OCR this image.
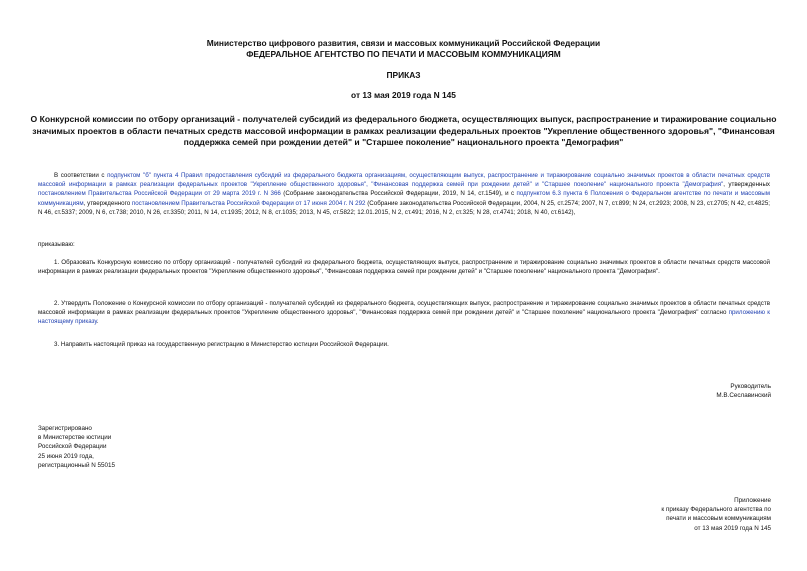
Министерство цифрового развития, связи и массовых коммуникаций Российской Федерации
ФЕДЕРАЛЬНОЕ АГЕНТСТВО ПО ПЕЧАТИ И МАССОВЫМ КОММУНИКАЦИЯМ
ПРИКАЗ
от 13 мая 2019 года N 145
О Конкурсной комиссии по отбору организаций - получателей субсидий из федерального бюджета, осуществляющих выпуск, распространение и тиражирование социально значимых проектов в области печатных средств массовой информации в рамках реализации федеральных проектов "Укрепление общественного здоровья", "Финансовая поддержка семей при рождении детей" и "Старшее поколение" национального проекта "Демография"
В соответствии с подпунктом "б" пункта 4 Правил предоставления субсидий из федерального бюджета организациям, осуществляющим выпуск, распространение и тиражирование социально значимых проектов в области печатных средств массовой информации в рамках реализации федеральных проектов "Укрепление общественного здоровья", "Финансовая поддержка семей при рождении детей" и "Старшее поколение" национального проекта "Демография", утвержденных постановлением Правительства Российской Федерации от 29 марта 2019 г. N 366 (Собрание законодательства Российской Федерации, 2019, N 14, ст.1549), и с подпунктом 6.3 пункта 6 Положения о Федеральном агентстве по печати и массовым коммуникациям, утвержденного постановлением Правительства Российской Федерации от 17 июня 2004 г. N 292 (Собрание законодательства Российской Федерации, 2004, N 25, ст.2574; 2007, N 7, ст.899; N 24, ст.2923; 2008, N 23, ст.2705; N 42, ст.4825; N 46, ст.5337; 2009, N 6, ст.738; 2010, N 26, ст.3350; 2011, N 14, ст.1935; 2012, N 8, ст.1035; 2013, N 45, ст.5822; 12.01.2015, N 2, ст.491; 2016, N 2, ст.325; N 28, ст.4741; 2018, N 40, ст.6142),
приказываю:
1. Образовать Конкурсную комиссию по отбору организаций - получателей субсидий из федерального бюджета, осуществляющих выпуск, распространение и тиражирование социально значимых проектов в области печатных средств массовой информации в рамках реализации федеральных проектов "Укрепление общественного здоровья", "Финансовая поддержка семей при рождении детей" и "Старшее поколение" национального проекта "Демография".
2. Утвердить Положение о Конкурсной комиссии по отбору организаций - получателей субсидий из федерального бюджета, осуществляющих выпуск, распространение и тиражирование социально значимых проектов в области печатных средств массовой информации в рамках реализации федеральных проектов "Укрепление общественного здоровья", "Финансовая поддержка семей при рождении детей" и "Старшее поколение" национального проекта "Демография" согласно приложению к настоящему приказу.
3. Направить настоящий приказ на государственную регистрацию в Министерство юстиции Российской Федерации.
Руководитель
М.В.Сеславинский
Зарегистрировано
в Министерстве юстиции
Российской Федерации
25 июня 2019 года,
регистрационный N 55015
Приложение
к приказу Федерального агентства по
печати и массовым коммуникациям
от 13 мая 2019 года N 145
